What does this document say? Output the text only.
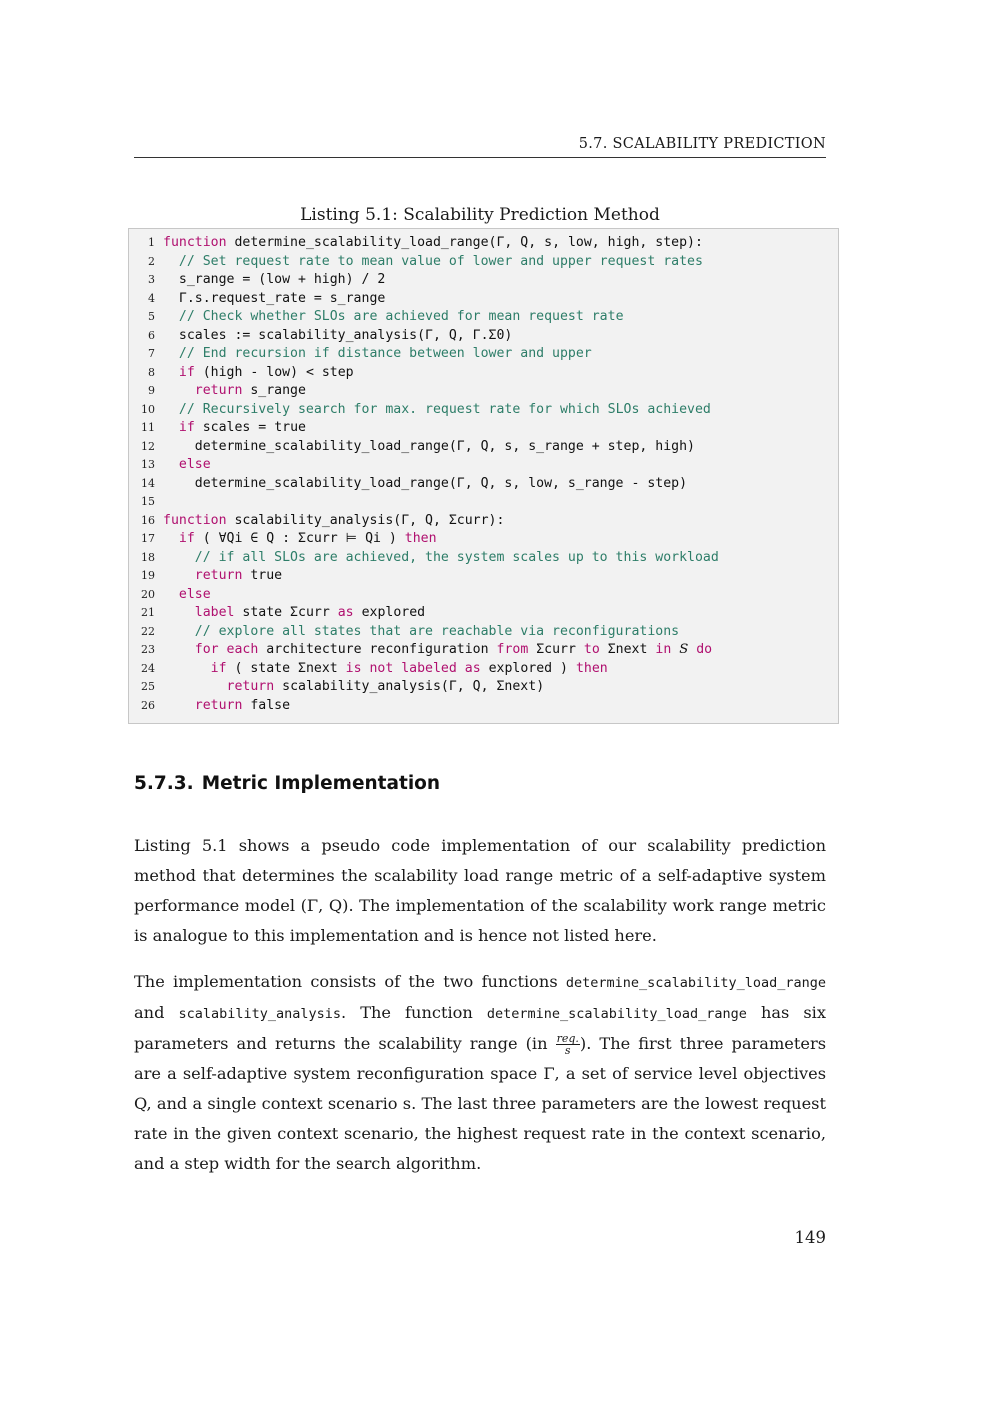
5.7. SCALABILITY PREDICTION
Listing 5.1: Scalability Prediction Method
1 function determine_scalability_load_range(Γ, Q, s, low, high, step):
2 // Set request rate to mean value of lower and upper request rates
3 s_range = (low + high) / 2
4 Γ.s.request_rate = s_range
5 // Check whether SLOs are achieved for mean request rate
6 scales := scalability_analysis(Γ, Q, Γ.Σ0)
7 // End recursion if distance between lower and upper
8 if (high - low) < step
9	return s_range
10 // Recursively search for max. request rate for which SLOs achieved
11 if scales = true
12	determine_scalability_load_range(Γ, Q, s, s_range + step, high)
13 else
14	determine_scalability_load_range(Γ, Q, s, low, s_range - step)
15
16 function scalability_analysis(Γ, Q, Σcurr):
17 if ( ∀Qi ∈ Q : Σcurr ⊨ Qi ) then
18	// if all SLOs are achieved, the system scales up to this workload
19	return true
20 else
21	label state Σcurr as explored
22	// explore all states that are reachable via reconfigurations
23	for each architecture reconfiguration from Σcurr to Σnext in S do
24	if ( state Σnext is not labeled as explored ) then
25	return scalability_analysis(Γ, Q, Σnext)
26	return false
5.7.3. Metric Implementation
Listing 5.1 shows a pseudo code implementation of our scalability prediction method that determines the scalability load range metric of a self-adaptive system performance model (Γ, Q). The implementation of the scalability work range metric is analogue to this implementation and is hence not listed here.
The implementation consists of the two functions determine_scalability_load_range and scalability_analysis. The function determine_scalability_load_range has six parameters and returns the scalability range ($in \frac{\text{req.}}{s}$ ). The first three parameters are a self-adaptive system reconfiguration space Γ, a set of service level objectives Q, and a single context scenario s. The last three parameters are the lowest request rate in the given context scenario, the highest request rate in the context scenario, and a step width for the search algorithm.
149
